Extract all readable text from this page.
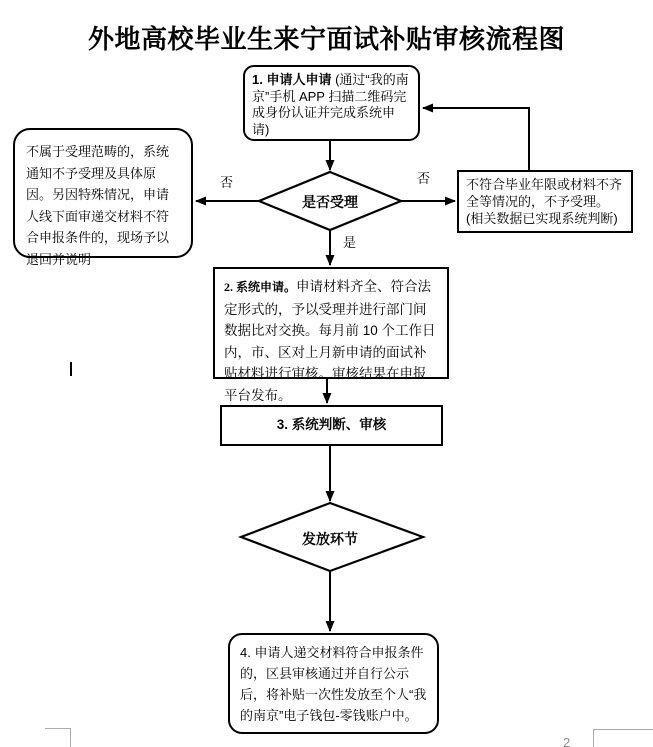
外地高校毕业生来宁面试补贴审核流程图
1. 申请人申请 (通过“我的南京”手机 APP 扫描二维码完成身份认证并完成系统申请)
不属于受理范畴的，系统通知不予受理及具体原因。另因特殊情况，申请人线下面审递交材料不符合申报条件的，现场予以退回并说明
不符合毕业年限或材料不齐全等情况的，不予受理。(相关数据已实现系统判断)
是否受理
否	否
是
2. 系统申请。申请材料齐全、符合法定形式的，予以受理并进行部门间数据比对交换。每月前 10 个工作日内，市、区对上月新申请的面试补贴材料进行审核。审核结果在申报平台发布。
3. 系统判断、审核
发放环节
4. 申请人递交材料符合申报条件的，区县审核通过并自行公示后，将补贴一次性发放至个人“我的南京”电子钱包-零钱账户中。
2
